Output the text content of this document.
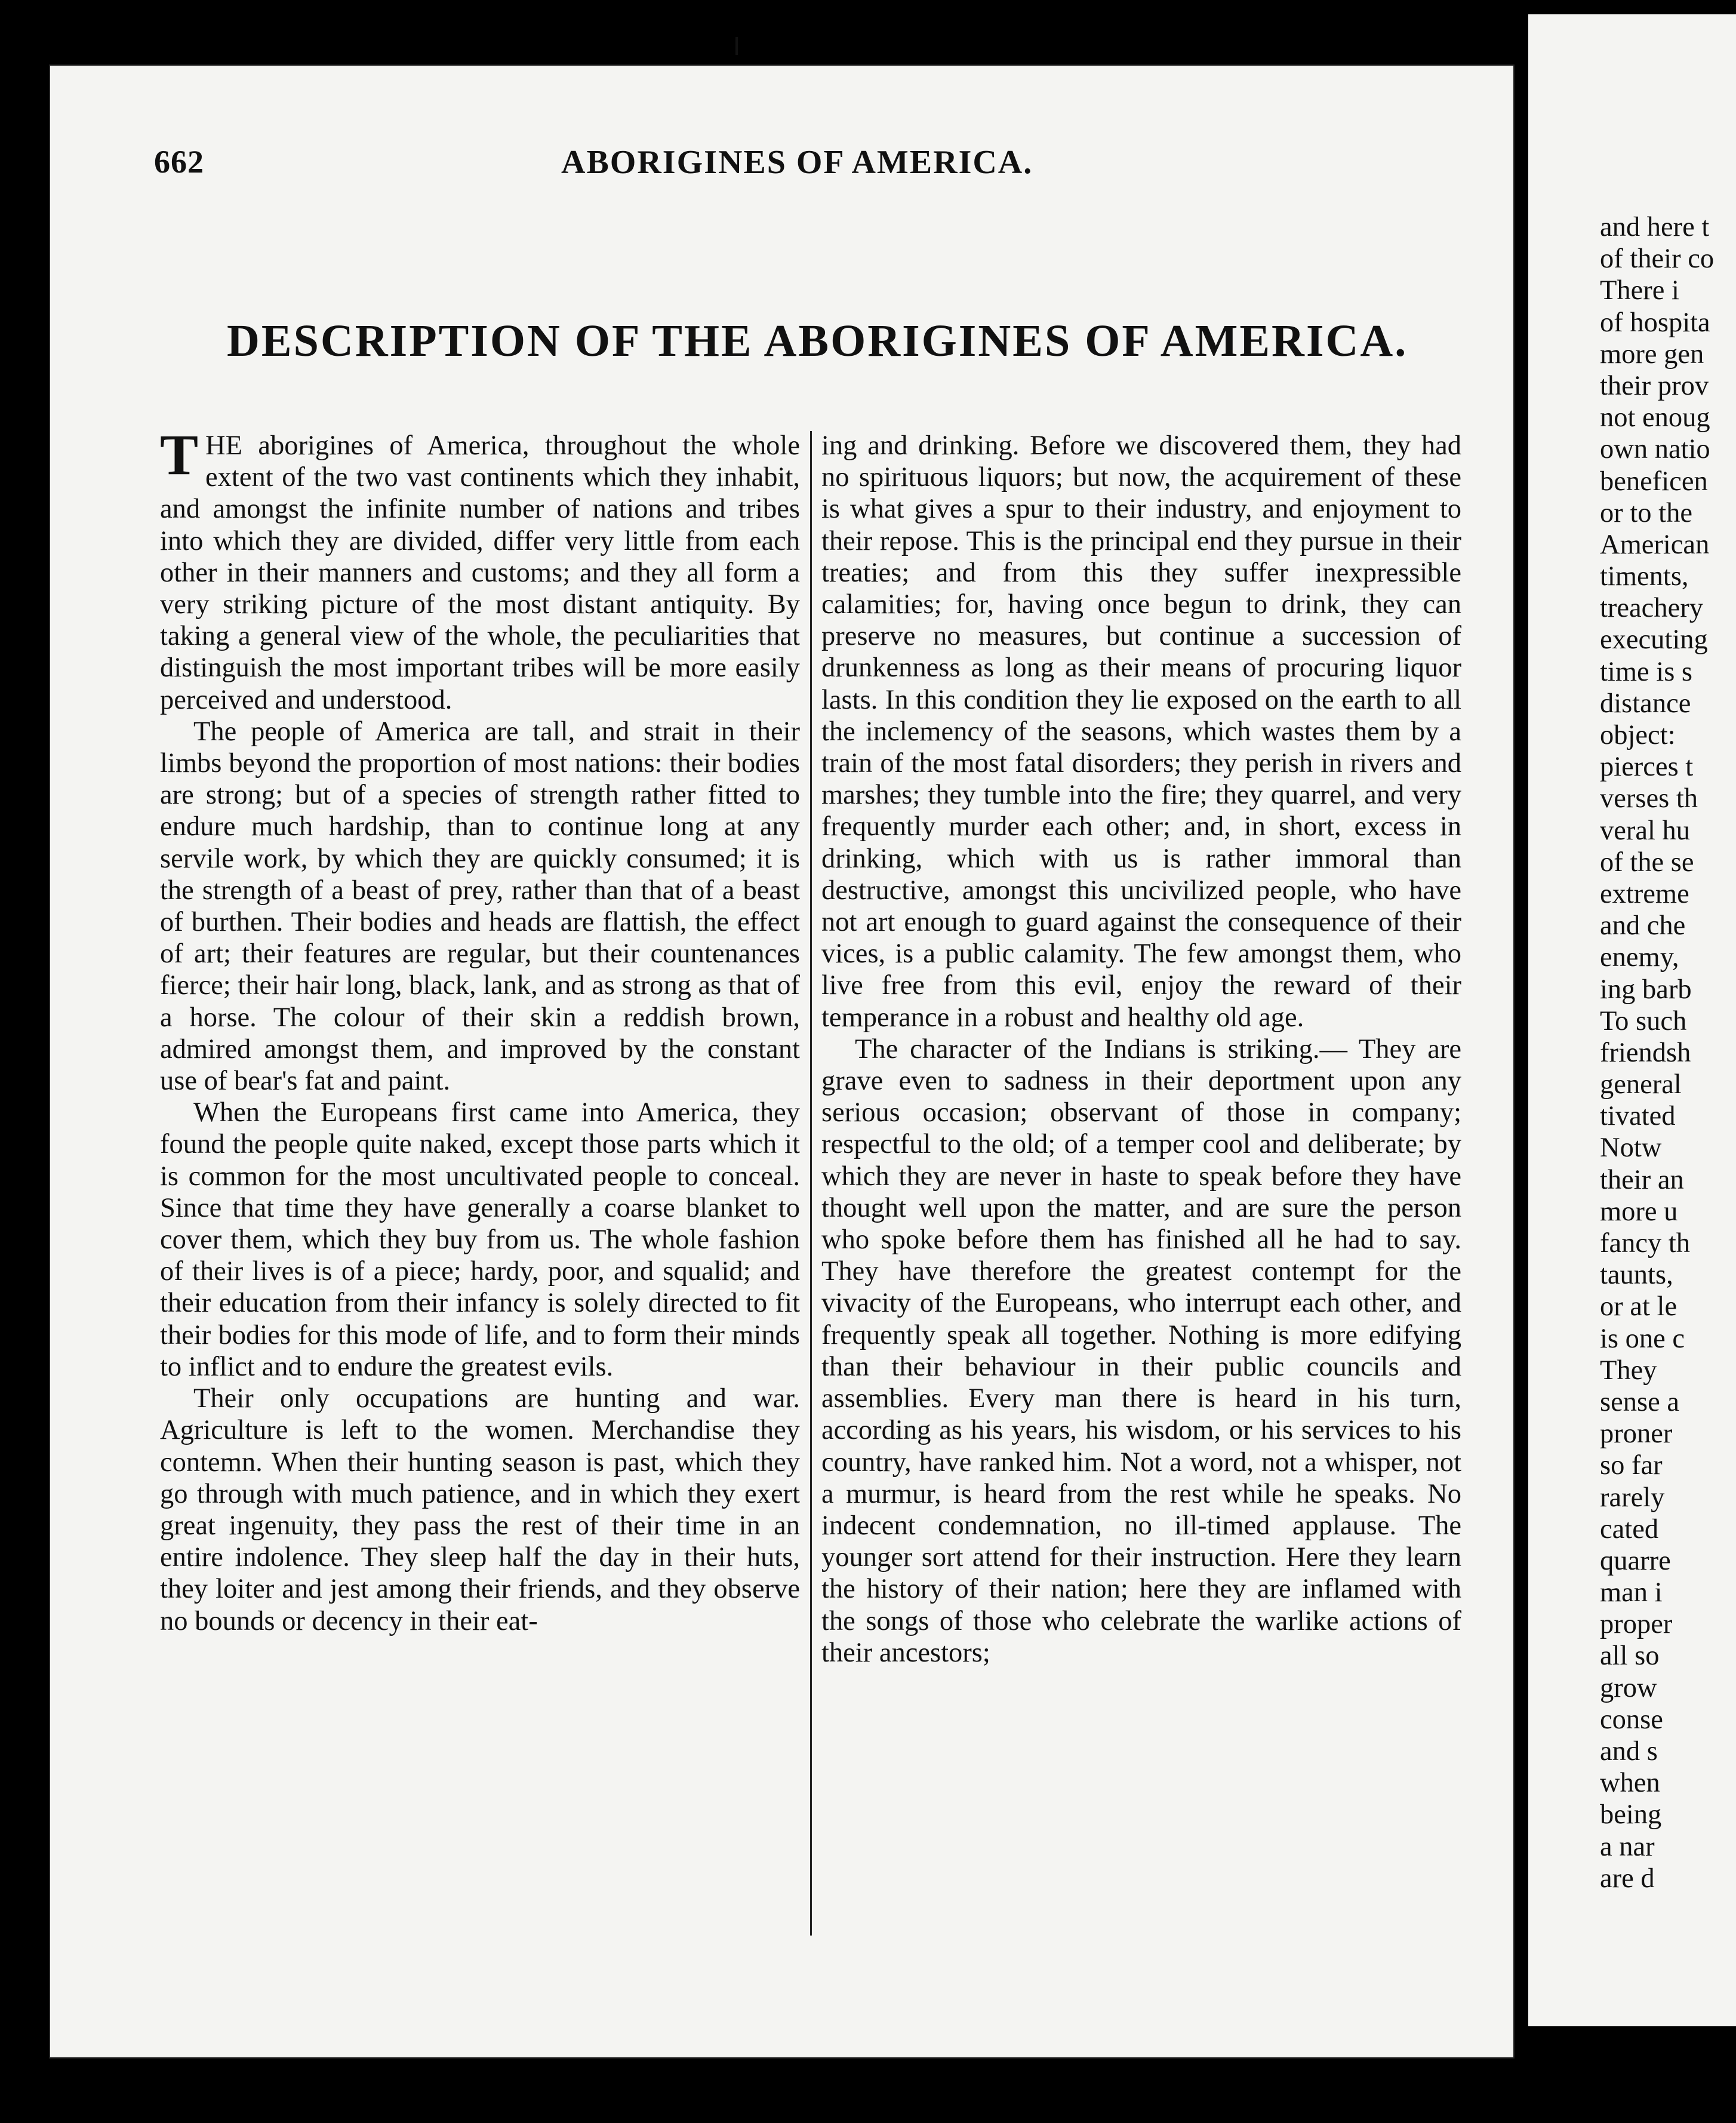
662	ABORIGINES OF AMERICA.
DESCRIPTION OF THE ABORIGINES OF AMERICA.

THE aborigines of America, throughout the whole extent of the two vast continents which they inhabit, and amongst the infinite number of nations and tribes into which they are divided, differ very little from each other in their manners and customs; and they all form a very striking picture of the most distant antiquity. By taking a general view of the whole, the peculiarities that distinguish the most important tribes will be more easily perceived and understood.

The people of America are tall, and strait in their limbs beyond the proportion of most nations: their bodies are strong; but of a species of strength rather fitted to endure much hardship, than to continue long at any servile work, by which they are quickly consumed; it is the strength of a beast of prey, rather than that of a beast of burthen. Their bodies and heads are flattish, the effect of art; their features are regular, but their countenances fierce; their hair long, black, lank, and as strong as that of a horse. The colour of their skin a reddish brown, admired amongst them, and improved by the constant use of bear's fat and paint.

When the Europeans first came into America, they found the people quite naked, except those parts which it is common for the most uncultivated people to conceal. Since that time they have generally a coarse blanket to cover them, which they buy from us. The whole fashion of their lives is of a piece; hardy, poor, and squalid; and their education from their infancy is solely directed to fit their bodies for this mode of life, and to form their minds to inflict and to endure the greatest evils.

Their only occupations are hunting and war. Agriculture is left to the women. Merchandise they contemn. When their hunting season is past, which they go through with much patience, and in which they exert great ingenuity, they pass the rest of their time in an entire indolence. They sleep half the day in their huts, they loiter and jest among their friends, and they observe no bounds or decency in their eat-

ing and drinking. Before we discovered them, they had no spirituous liquors; but now, the acquirement of these is what gives a spur to their industry, and enjoyment to their repose. This is the principal end they pursue in their treaties; and from this they suffer inexpressible calamities; for, having once begun to drink, they can preserve no measures, but continue a succession of drunkenness as long as their means of procuring liquor lasts. In this condition they lie exposed on the earth to all the inclemency of the seasons, which wastes them by a train of the most fatal disorders; they perish in rivers and marshes; they tumble into the fire; they quarrel, and very frequently murder each other; and, in short, excess in drinking, which with us is rather immoral than destructive, amongst this uncivilized people, who have not art enough to guard against the consequence of their vices, is a public calamity. The few amongst them, who live free from this evil, enjoy the reward of their temperance in a robust and healthy old age.

The character of the Indians is striking.— They are grave even to sadness in their deportment upon any serious occasion; observant of those in company; respectful to the old; of a temper cool and deliberate; by which they are never in haste to speak before they have thought well upon the matter, and are sure the person who spoke before them has finished all he had to say. They have therefore the greatest contempt for the vivacity of the Europeans, who interrupt each other, and frequently speak all together. Nothing is more edifying than their behaviour in their public councils and assemblies. Every man there is heard in his turn, according as his years, his wisdom, or his services to his country, have ranked him. Not a word, not a whisper, not a murmur, is heard from the rest while he speaks. No indecent condemnation, no ill-timed applause. The younger sort attend for their instruction. Here they learn the history of their nation; here they are inflamed with the songs of those who celebrate the warlike actions of their ancestors;

and here t
of their co
There i
of hospita
more gen
their prov
not enoug
own natio
beneficen
or to the
American
timents,
treachery
executing
time is s
distance
object:
pierces t
verses th
veral hu
of the se
extreme
and che
enemy,
ing barb
To such
friendsh
general
tivated
Notw
their an
more u
fancy th
taunts,
or at le
is one c
They
sense a
proner
so far
rarely
cated
quarre
man i
proper
all so
grow
conse
and s
when
being
a nar
are d
